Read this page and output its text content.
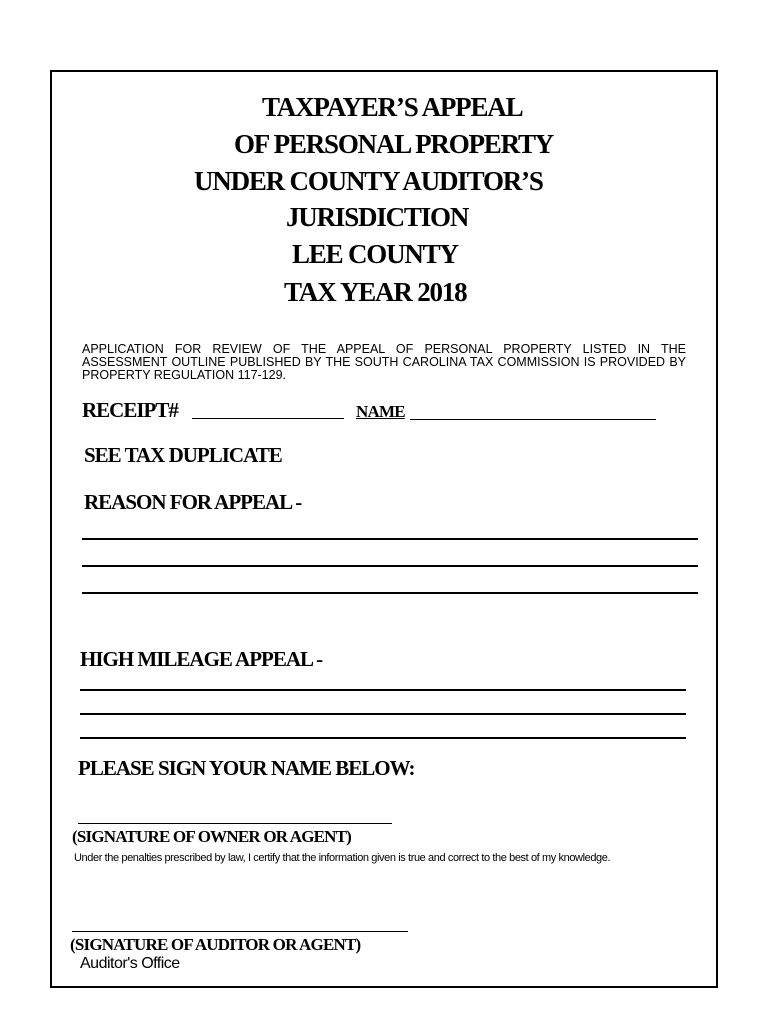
TAXPAYER’S APPEAL
OF PERSONAL PROPERTY
UNDER COUNTY AUDITOR’S
JURISDICTION
LEE COUNTY
TAX YEAR 2018
APPLICATION FOR REVIEW OF THE APPEAL OF PERSONAL PROPERTY LISTED IN THE ASSESSMENT OUTLINE PUBLISHED BY THE SOUTH CAROLINA TAX COMMISSION IS PROVIDED BY PROPERTY REGULATION 117-129.
RECEIPT#	NAME
SEE TAX DUPLICATE
REASON FOR APPEAL -
HIGH MILEAGE APPEAL -
PLEASE SIGN YOUR NAME BELOW:
(SIGNATURE OF OWNER OR AGENT)
Under the penalties prescribed by law, I certify that the information given is true and correct to the best of my knowledge.
(SIGNATURE OF AUDITOR OR AGENT)
Auditor's Office
